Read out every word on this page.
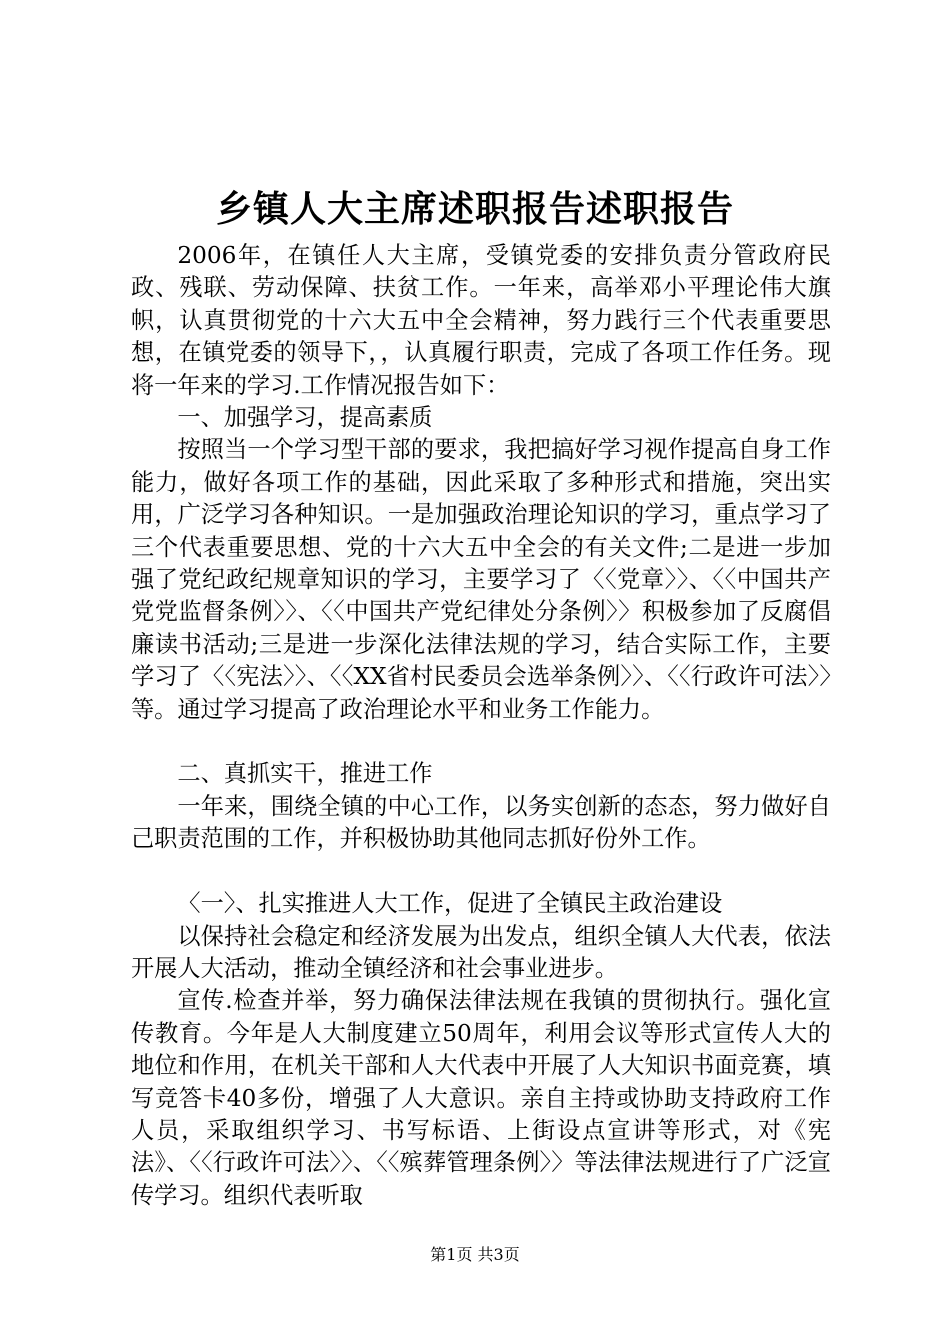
乡镇人大主席述职报告述职报告

2006年，在镇任人大主席，受镇党委的安排负责分管政府民政、残联、劳动保障、扶贫工作。一年来，高举邓小平理论伟大旗帜，认真贯彻党的十六大五中全会精神，努力践行三个代表重要思想，在镇党委的领导下，，认真履行职责，完成了各项工作任务。现将一年来的学习.工作情况报告如下：

一、加强学习，提高素质

按照当一个学习型干部的要求，我把搞好学习视作提高自身工作能力，做好各项工作的基础，因此采取了多种形式和措施，突出实用，广泛学习各种知识。一是加强政治理论知识的学习，重点学习了三个代表重要思想、党的十六大五中全会的有关文件;二是进一步加强了党纪政纪规章知识的学习，主要学习了〈〈党章〉〉、〈〈中国共产党党监督条例〉〉、〈〈中国共产党纪律处分条例〉〉积极参加了反腐倡廉读书活动;三是进一步深化法律法规的学习，结合实际工作，主要学习了〈〈宪法〉〉、〈〈XX省村民委员会选举条例〉〉、〈〈行政许可法〉〉等。通过学习提高了政治理论水平和业务工作能力。

二、真抓实干，推进工作

一年来，围绕全镇的中心工作，以务实创新的态态，努力做好自己职责范围的工作，并积极协助其他同志抓好份外工作。

〈一〉、扎实推进人大工作，促进了全镇民主政治建设

以保持社会稳定和经济发展为出发点，组织全镇人大代表，依法开展人大活动，推动全镇经济和社会事业进步。

宣传.检查并举，努力确保法律法规在我镇的贯彻执行。强化宣传教育。今年是人大制度建立50周年，利用会议等形式宣传人大的地位和作用，在机关干部和人大代表中开展了人大知识书面竞赛，填写竞答卡40多份，增强了人大意识。亲自主持或协助支持政府工作人员，采取组织学习、书写标语、上街设点宣讲等形式，对《宪法》、〈〈行政许可法〉〉、〈〈殡葬管理条例〉〉等法律法规进行了广泛宣传学习。组织代表听取

第1页 共3页
